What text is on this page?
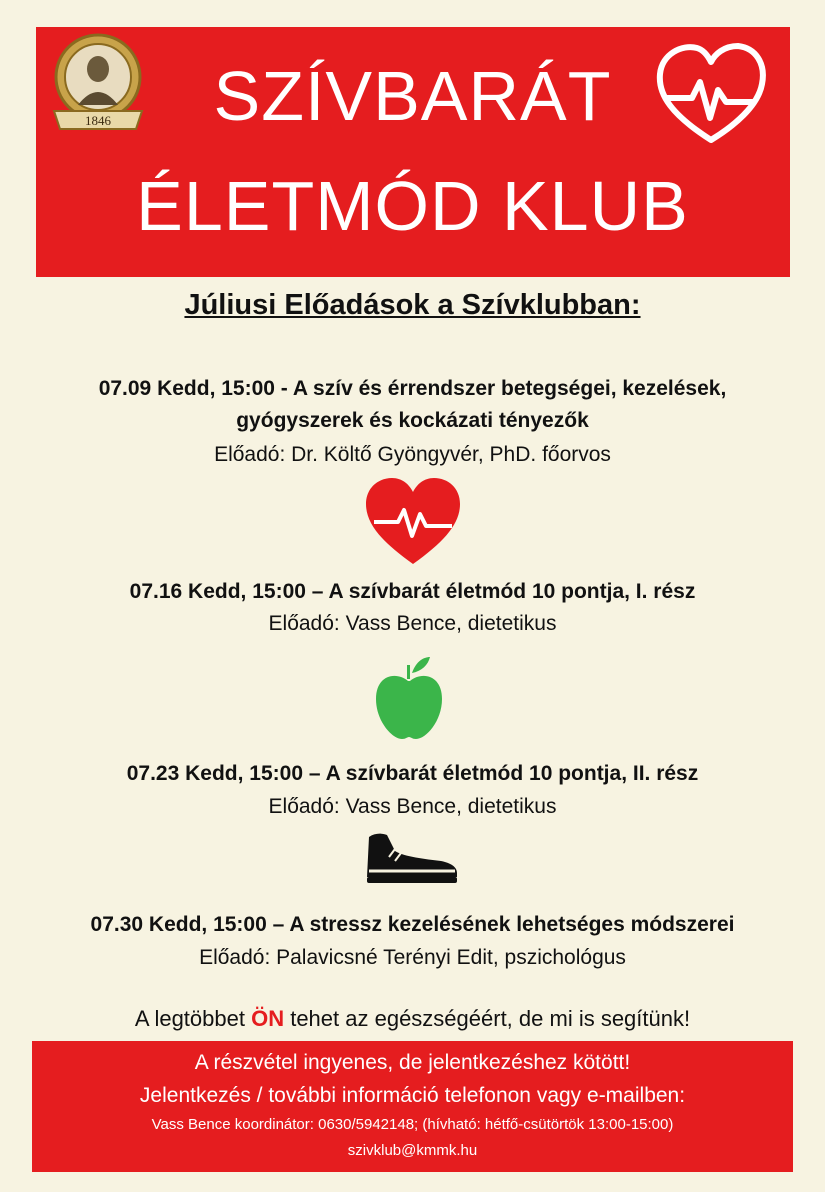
1846	SZÍVBARÁT
ÉLETMÓD KLUB
Júliusi Előadások a Szívklubban:
07.09 Kedd, 15:00 - A szív és érrendszer betegségei, kezelések,
gyógyszerek és kockázati tényezők
Előadó: Dr. Költő Gyöngyvér, PhD. főorvos
07.16 Kedd, 15:00 – A szívbarát életmód 10 pontja, I. rész
Előadó: Vass Bence, dietetikus
07.23 Kedd, 15:00 – A szívbarát életmód 10 pontja, II. rész
Előadó: Vass Bence, dietetikus
07.30 Kedd, 15:00 – A stressz kezelésének lehetséges módszerei
Előadó: Palavicsné Terényi Edit, pszichológus
A legtöbbet ÖN tehet az egészségéért, de mi is segítünk!
A részvétel ingyenes, de jelentkezéshez kötött!
Jelentkezés / további információ telefonon vagy e-mailben:
Vass Bence koordinátor: 0630/5942148; (hívható: hétfő-csütörtök 13:00-15:00)
szivklub@kmmk.hu
